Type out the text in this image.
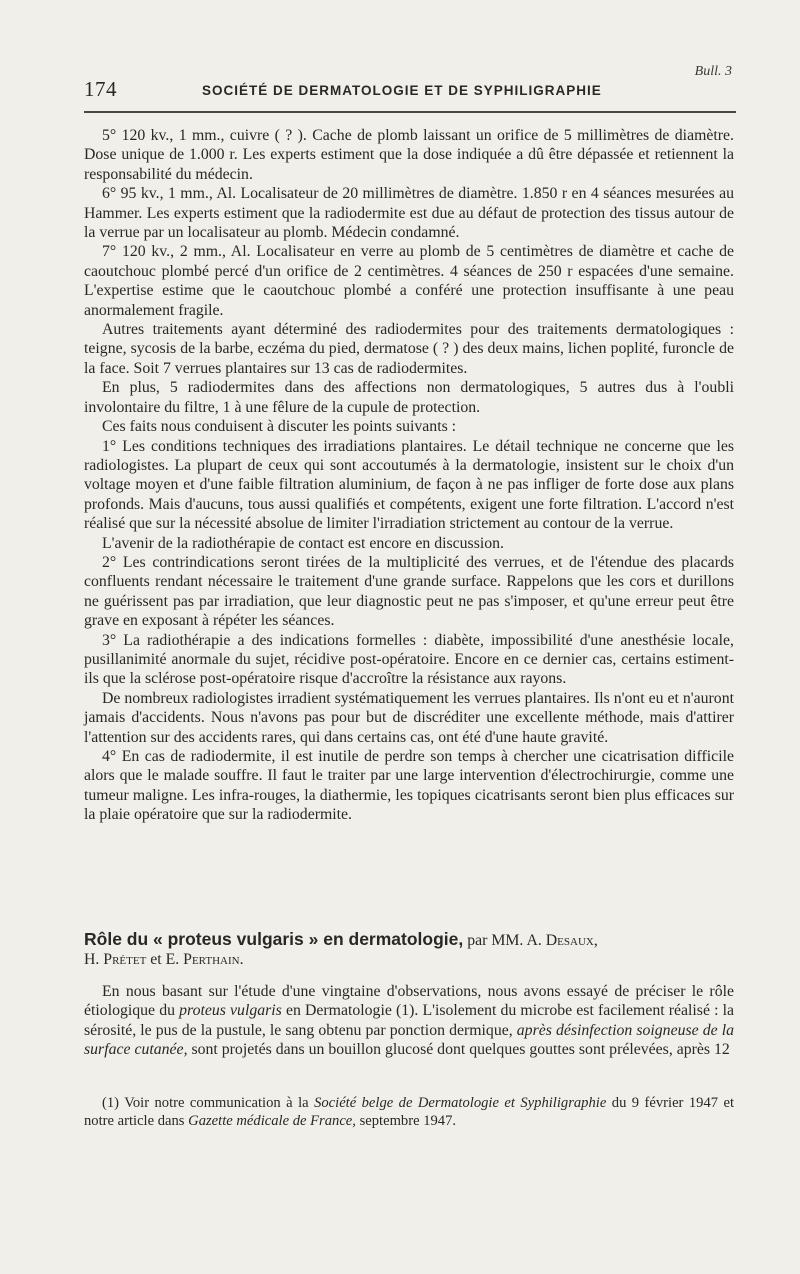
Bull. 3
174	SOCIÉTÉ DE DERMATOLOGIE ET DE SYPHILIGRAPHIE

5° 120 kv., 1 mm., cuivre ( ? ). Cache de plomb laissant un orifice de 5 millimètres de diamètre. Dose unique de 1.000 r. Les experts estiment que la dose indiquée a dû être dépassée et retiennent la responsabilité du médecin.

6° 95 kv., 1 mm., Al. Localisateur de 20 millimètres de diamètre. 1.850 r en 4 séances mesurées au Hammer. Les experts estiment que la radiodermite est due au défaut de protection des tissus autour de la verrue par un localisateur au plomb. Médecin condamné.

7° 120 kv., 2 mm., Al. Localisateur en verre au plomb de 5 centimètres de diamètre et cache de caoutchouc plombé percé d'un orifice de 2 centimètres. 4 séances de 250 r espacées d'une semaine. L'expertise estime que le caoutchouc plombé a conféré une protection insuffisante à une peau anormalement fragile.

Autres traitements ayant déterminé des radiodermites pour des traitements dermatologiques : teigne, sycosis de la barbe, eczéma du pied, dermatose ( ? ) des deux mains, lichen poplité, furoncle de la face. Soit 7 verrues plantaires sur 13 cas de radiodermites.

En plus, 5 radiodermites dans des affections non dermatologiques, 5 autres dus à l'oubli involontaire du filtre, 1 à une fêlure de la cupule de protection.

Ces faits nous conduisent à discuter les points suivants :

1° Les conditions techniques des irradiations plantaires. Le détail technique ne concerne que les radiologistes. La plupart de ceux qui sont accoutumés à la dermatologie, insistent sur le choix d'un voltage moyen et d'une faible filtration aluminium, de façon à ne pas infliger de forte dose aux plans profonds. Mais d'aucuns, tous aussi qualifiés et compétents, exigent une forte filtration. L'accord n'est réalisé que sur la nécessité absolue de limiter l'irradiation strictement au contour de la verrue.

L'avenir de la radiothérapie de contact est encore en discussion.

2° Les contrindications seront tirées de la multiplicité des verrues, et de l'étendue des placards confluents rendant nécessaire le traitement d'une grande surface. Rappelons que les cors et durillons ne guérissent pas par irradiation, que leur diagnostic peut ne pas s'imposer, et qu'une erreur peut être grave en exposant à répéter les séances.

3° La radiothérapie a des indications formelles : diabète, impossibilité d'une anesthésie locale, pusillanimité anormale du sujet, récidive post-opératoire. Encore en ce dernier cas, certains estiment-ils que la sclérose post-opératoire risque d'accroître la résistance aux rayons.

De nombreux radiologistes irradient systématiquement les verrues plantaires. Ils n'ont eu et n'auront jamais d'accidents. Nous n'avons pas pour but de discréditer une excellente méthode, mais d'attirer l'attention sur des accidents rares, qui dans certains cas, ont été d'une haute gravité.

4° En cas de radiodermite, il est inutile de perdre son temps à chercher une cicatrisation difficile alors que le malade souffre. Il faut le traiter par une large intervention d'électrochirurgie, comme une tumeur maligne. Les infra-rouges, la diathermie, les topiques cicatrisants seront bien plus efficaces sur la plaie opératoire que sur la radiodermite.

Rôle du « proteus vulgaris » en dermatologie, par MM. A. Desaux,
H. Prétet et E. Perthain.

En nous basant sur l'étude d'une vingtaine d'observations, nous avons essayé de préciser le rôle étiologique du proteus vulgaris en Dermatologie (1). L'isolement du microbe est facilement réalisé : la sérosité, le pus de la pustule, le sang obtenu par ponction dermique, après désinfection soigneuse de la surface cutanée, sont projetés dans un bouillon glucosé dont quelques gouttes sont prélevées, après 12

(1) Voir notre communication à la Société belge de Dermatologie et Syphiligraphie du 9 février 1947 et notre article dans Gazette médicale de France, septembre 1947.
